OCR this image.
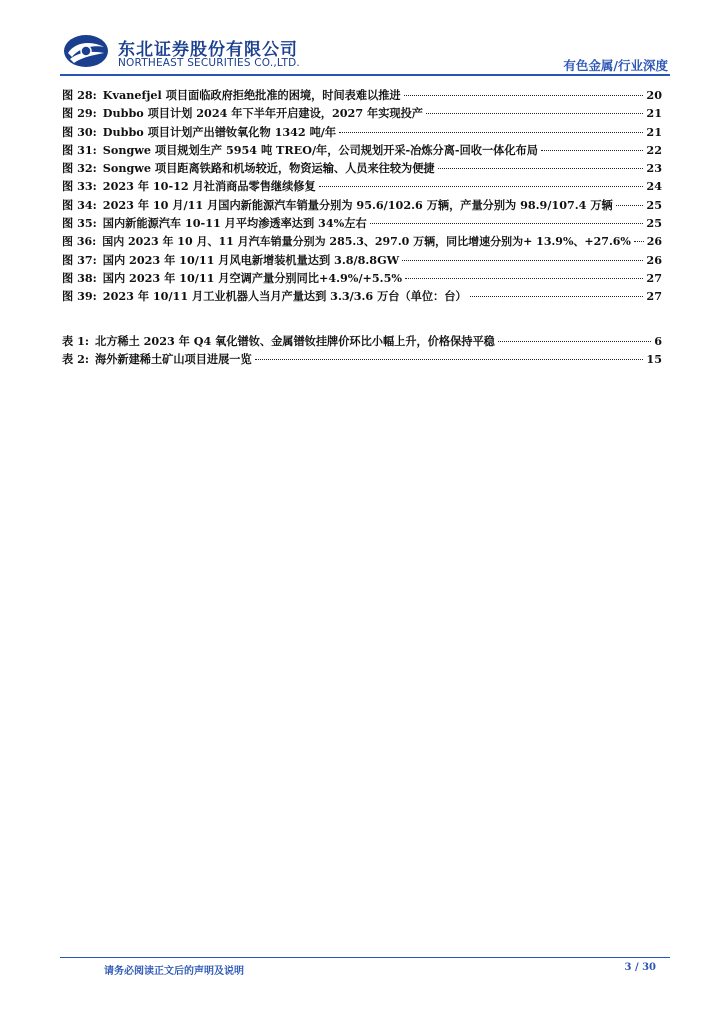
东北证券股份有限公司
NORTHEAST SECURITIES CO.,LTD.	有色金属/行业深度
图 28: Kvanefjel 项目面临政府拒绝批准的困境，时间表难以推进	20
图 29: Dubbo 项目计划 2024 年下半年开启建设，2027 年实现投产	21
图 30: Dubbo 项目计划产出镨钕氧化物 1342 吨/年	21
图 31: Songwe 项目规划生产 5954 吨 TREO/年，公司规划开采-冶炼分离-回收一体化布局	22
图 32: Songwe 项目距离铁路和机场较近，物资运输、人员来往较为便捷	23
图 33: 2023 年 10-12 月社消商品零售继续修复	24
图 34: 2023 年 10 月/11 月国内新能源汽车销量分别为 95.6/102.6 万辆，产量分别为 98.9/107.4 万辆	25
图 35: 国内新能源汽车 10-11 月平均渗透率达到 34%左右	25
图 36: 国内 2023 年 10 月、11 月汽车销量分别为 285.3、297.0 万辆，同比增速分别为+ 13.9%、+27.6% 26
图 37: 国内 2023 年 10/11 月风电新增装机量达到 3.8/8.8GW	26
图 38: 国内 2023 年 10/11 月空调产量分别同比+4.9%/+5.5%	27
图 39: 2023 年 10/11 月工业机器人当月产量达到 3.3/3.6 万台（单位：台）	27
表 1: 北方稀土 2023 年 Q4 氧化镨钕、金属镨钕挂牌价环比小幅上升，价格保持平稳	6
表 2: 海外新建稀土矿山项目进展一览	15
请务必阅读正文后的声明及说明	3 / 30
